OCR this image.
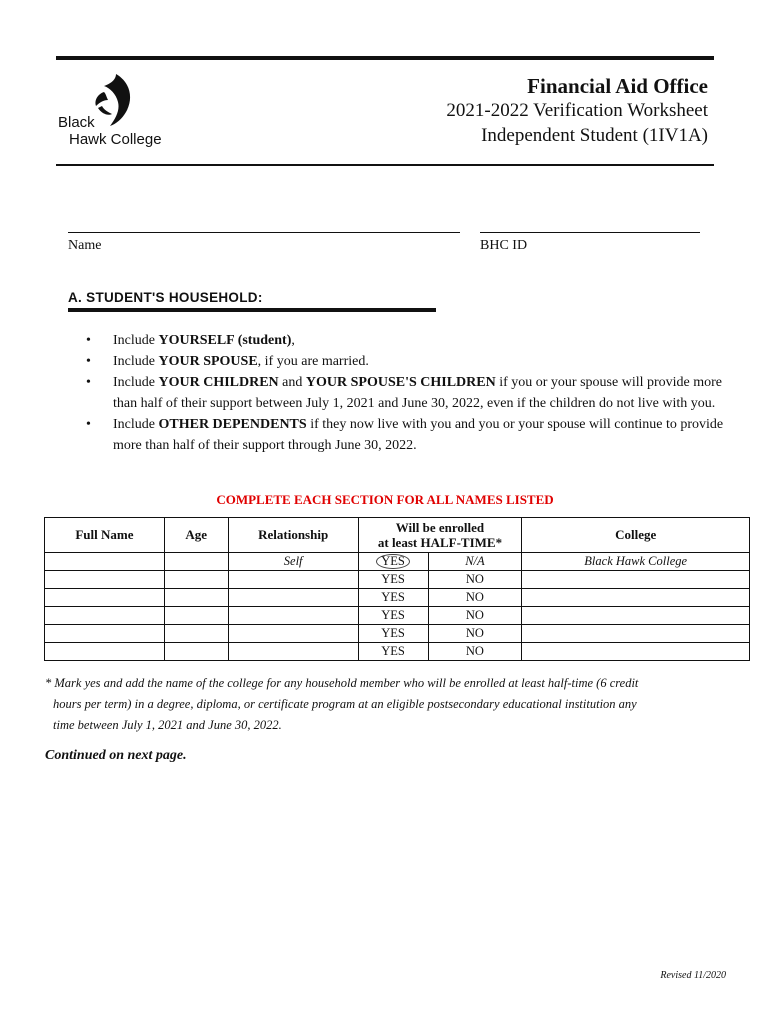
Black
Hawk College
Financial Aid Office
2021-2022 Verification Worksheet
Independent Student (1IV1A)
Name	BHC ID
A. STUDENT'S HOUSEHOLD:
• Include YOURSELF (student),
• Include YOUR SPOUSE, if you are married.
• Include YOUR CHILDREN and YOUR SPOUSE'S CHILDREN if you or your spouse will provide more than half of their support between July 1, 2021 and June 30, 2022, even if the children do not live with you.
• Include OTHER DEPENDENTS if they now live with you and you or your spouse will continue to provide more than half of their support through June 30, 2022.
COMPLETE EACH SECTION FOR ALL NAMES LISTED
Full Name	Age	Relationship	Will be enrolled
at least HALF-TIME*		College
		Self	YES	N/A	Black Hawk College
			YES	NO	
			YES	NO	
			YES	NO	
			YES	NO	
			YES	NO	
* Mark yes and add the name of the college for any household member who will be enrolled at least half-time (6 credit
hours per term) in a degree, diploma, or certificate program at an eligible postsecondary educational institution any
time between July 1, 2021 and June 30, 2022.
Continued on next page.
Revised 11/2020
